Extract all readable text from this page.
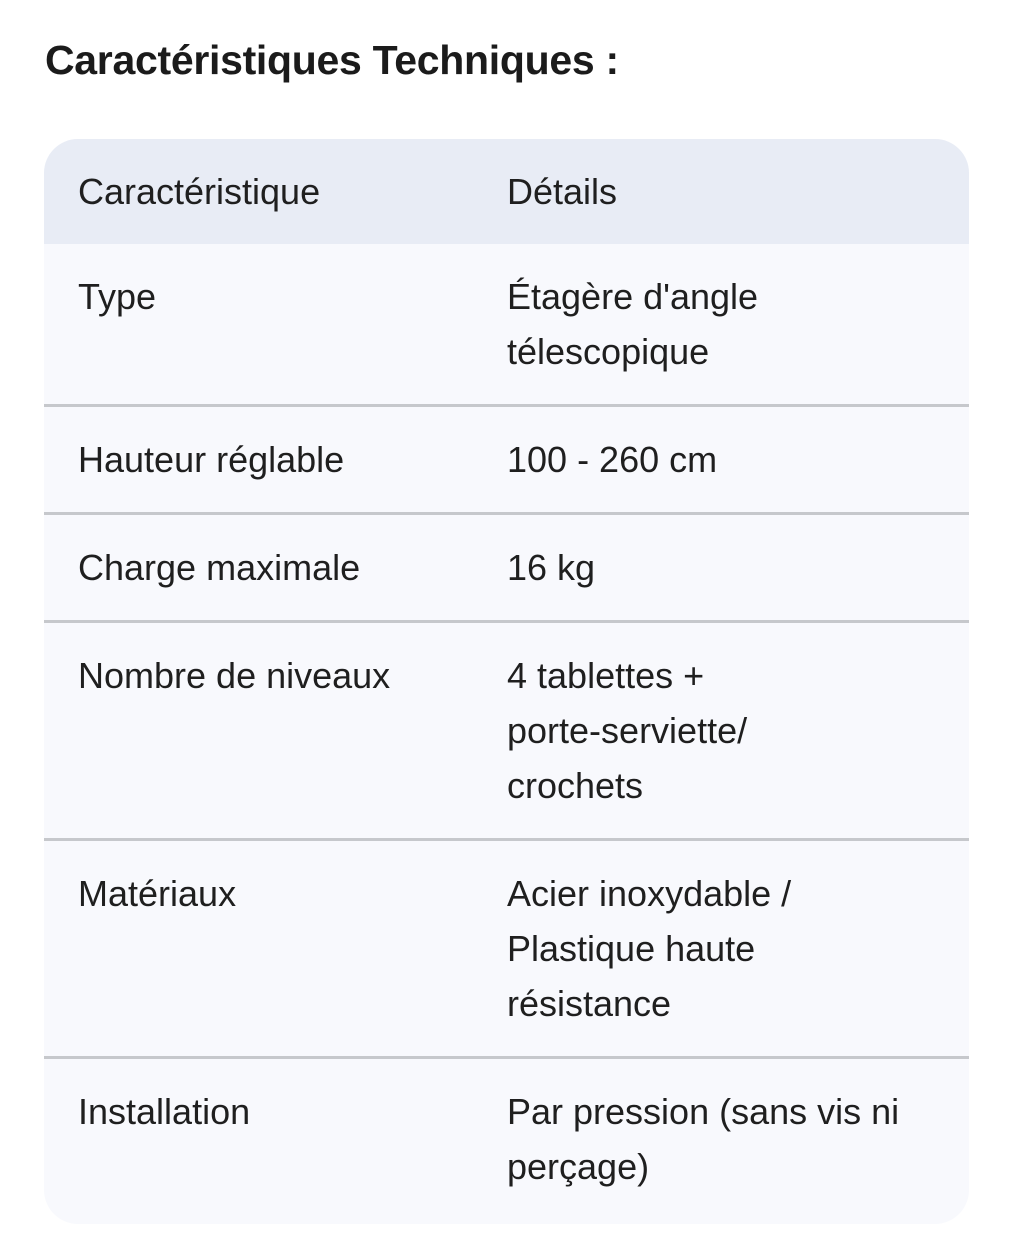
Caractéristiques Techniques :
Caractéristique	Détails
Type	Étagère d'angle télescopique
Hauteur réglable	100 - 260 cm
Charge maximale	16 kg
Nombre de niveaux	4 tablettes + porte-serviette/ crochets
Matériaux	Acier inoxydable / Plastique haute résistance
Installation	Par pression (sans vis ni perçage)
